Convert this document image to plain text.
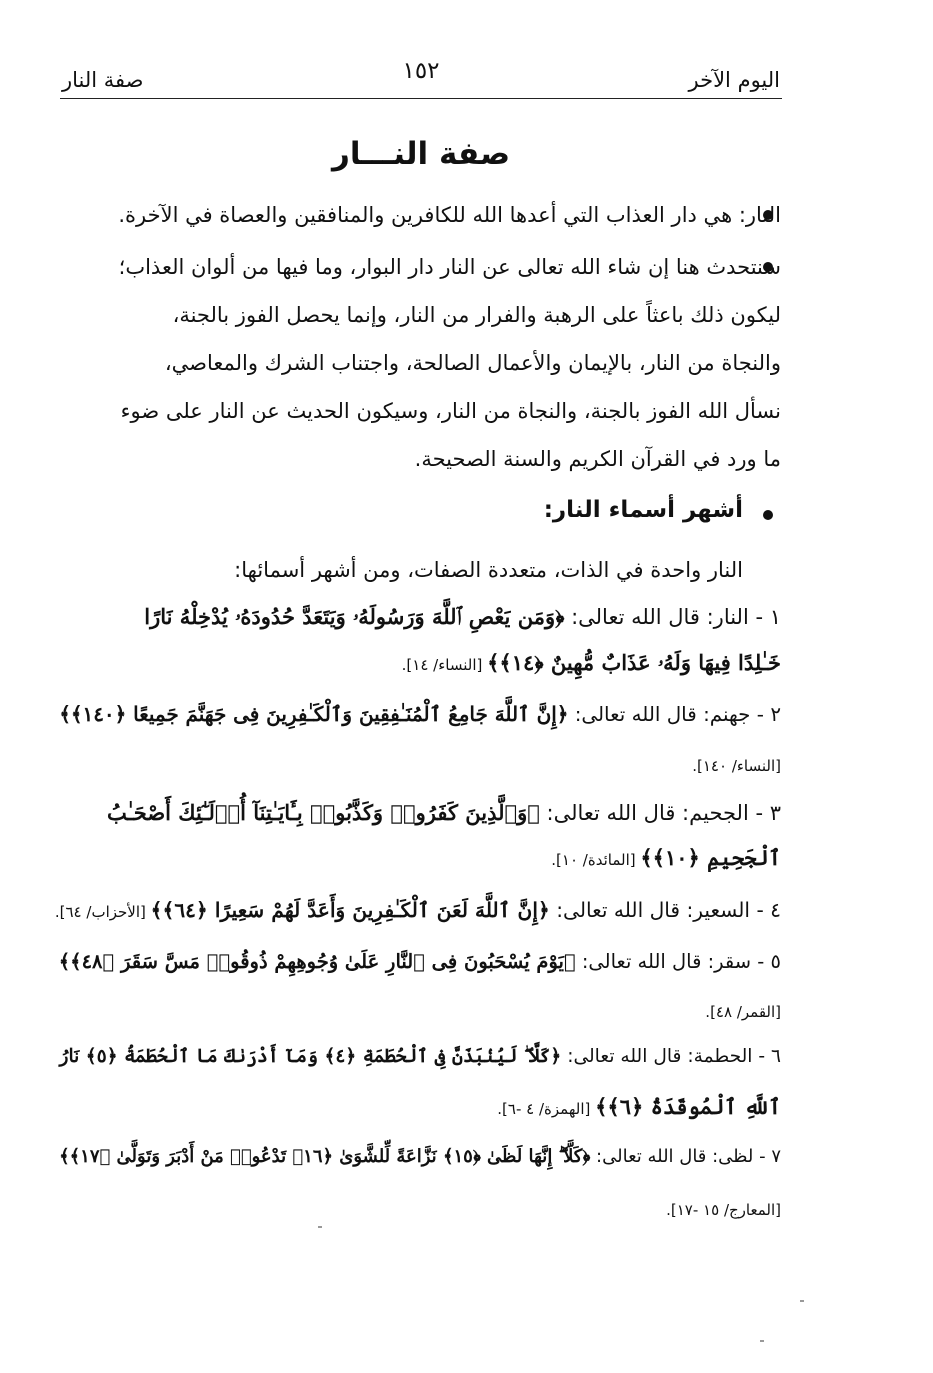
اليوم الآخر
١٥٢
صفة النار
صفة النـــار
النار: هي دار العذاب التي أعدها الله للكافرين والمنافقين والعصاة في الآخرة.
سنتحدث هنا إن شاء الله تعالى عن النار دار البوار، وما فيها من ألوان العذاب؛
ليكون ذلك باعثاً على الرهبة والفرار من النار، وإنما يحصل الفوز بالجنة،
والنجاة من النار، بالإيمان والأعمال الصالحة، واجتناب الشرك والمعاصي،
نسأل الله الفوز بالجنة، والنجاة من النار، وسيكون الحديث عن النار على ضوء
ما ورد في القرآن الكريم والسنة الصحيحة.
أشهر أسماء النار:
النار واحدة في الذات، متعددة الصفات، ومن أشهر أسمائها:
١ - النار: قال الله تعالى: ﴿وَمَن يَعْصِ ٱللَّهَ وَرَسُولَهُۥ وَيَتَعَدَّ حُدُودَهُۥ يُدْخِلْهُ نَارًا
خَـٰلِدًا فِيهَا وَلَهُۥ عَذَابٌ مُّهِينٌ ﴿١٤﴾﴾ [النساء/ ١٤].
٢ - جهنم: قال الله تعالى: ﴿إِنَّ ٱللَّهَ جَامِعُ ٱلْمُنَـٰفِقِينَ وَٱلْكَـٰفِرِينَ فِى جَهَنَّمَ جَمِيعًا ﴿١٤٠﴾﴾
[النساء/ ١٤٠].
٣ - الجحيم: قال الله تعالى: ﴿وَٱلَّذِينَ كَفَرُوا۟ وَكَذَّبُوا۟ بِـَٔايَـٰتِنَآ أُو۟لَـٰٓئِكَ أَصْحَـٰبُ
ٱلْجَحِيمِ ﴿١٠﴾﴾ [المائدة/ ١٠].
٤ - السعير: قال الله تعالى: ﴿إِنَّ ٱللَّهَ لَعَنَ ٱلْكَـٰفِرِينَ وَأَعَدَّ لَهُمْ سَعِيرًا ﴿٦٤﴾﴾ [الأحزاب/ ٦٤].
٥ - سقر: قال الله تعالى: ﴿يَوْمَ يُسْحَبُونَ فِى ٱلنَّارِ عَلَىٰ وُجُوهِهِمْ ذُوقُوا۟ مَسَّ سَقَرَ ﴿٤٨﴾﴾
[القمر/ ٤٨].
٦ - الحطمة: قال الله تعالى: ﴿كَلَّا ۖ لَيُنۢبَذَنَّ فِى ٱلْحُطَمَةِ ﴿٤﴾ وَمَآ أَدْرَىٰكَ مَا ٱلْحُطَمَةُ ﴿٥﴾ نَارُ
ٱللَّهِ ٱلْمُوقَدَةُ ﴿٦﴾﴾ [الهمزة/ ٤ -٦].
٧ - لظى: قال الله تعالى: ﴿كَلَّآ ۖ إِنَّهَا لَظَىٰ ﴿١٥﴾ نَزَّاعَةً لِّلشَّوَىٰ ﴿١٦﴾ تَدْعُوا۟ مَنْ أَدْبَرَ وَتَوَلَّىٰ ﴿١٧﴾﴾
[المعارج/ ١٥ -١٧].
